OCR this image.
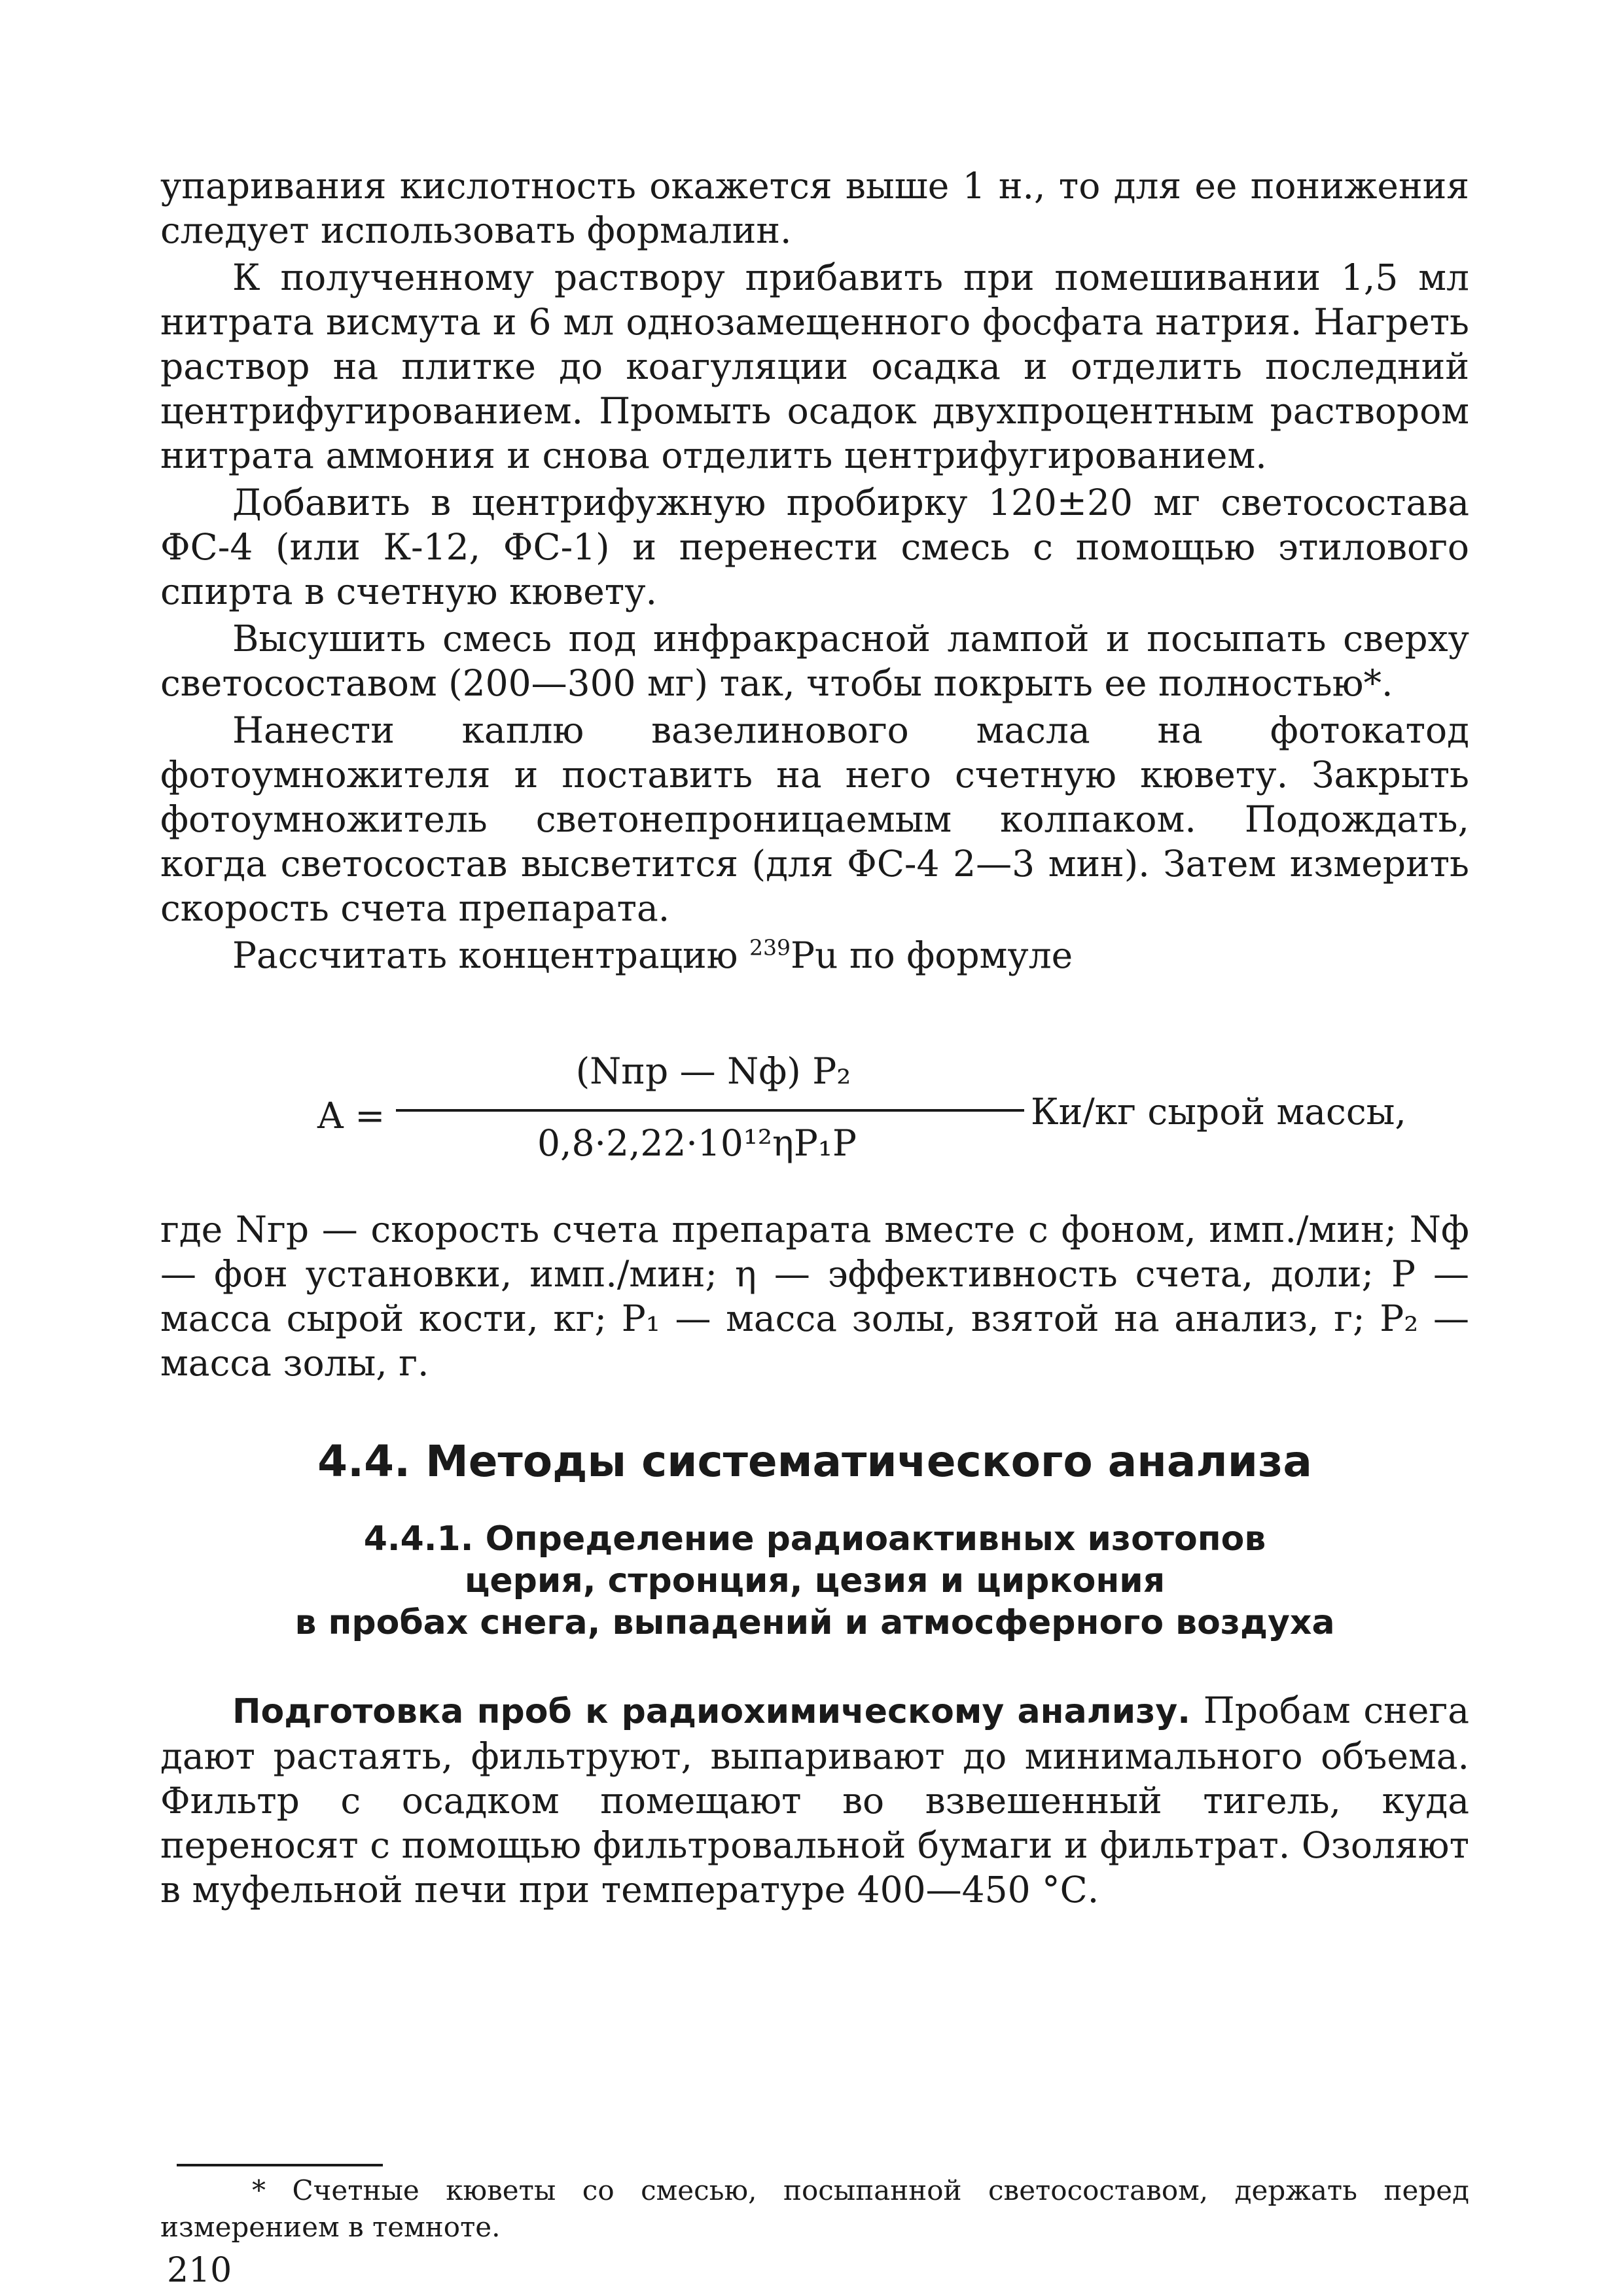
упаривания кислотность окажется выше 1 н., то для ее понижения следует использовать формалин.

К полученному раствору прибавить при помешивании 1,5 мл нитрата висмута и 6 мл однозамещенного фосфата натрия. Нагреть раствор на плитке до коагуляции осадка и отделить последний центрифугированием. Промыть осадок двухпроцентным раствором нитрата аммония и снова отделить центрифугированием.

Добавить в центрифужную пробирку 120±20 мг светосостава ФС-4 (или К-12, ФС-1) и перенести смесь с помощью этилового спирта в счетную кювету.

Высушить смесь под инфракрасной лампой и посыпать сверху светосоставом (200—300 мг) так, чтобы покрыть ее полностью*.

Нанести каплю вазелинового масла на фотокатод фотоумножителя и поставить на него счетную кювету. Закрыть фотоумножитель светонепроницаемым колпаком. Подождать, когда светосостав высветится (для ФС-4 2—3 мин). Затем измерить скорость счета препарата.

Рассчитать концентрацию $^{239}$Pu по формуле

A =
(Nпр — Nф) P₂
0,8·2,22·10¹²ηP₁P
Ки/кг сырой массы,

где Nгр — скорость счета препарата вместе с фоном, имп./мин; Nф — фон установки, имп./мин; η — эффективность счета, доли; P — масса сырой кости, кг; P₁ — масса золы, взятой на анализ, г; P₂ — масса золы, г.

4.4. Методы систематического анализа
4.4.1. Определение радиоактивных изотопов
церия, стронция, цезия и циркония
в пробах снега, выпадений и атмосферного воздуха

Подготовка проб к радиохимическому анализу. Пробам снега дают растаять, фильтруют, выпаривают до минимального объема. Фильтр с осадком помещают во взвешенный тигель, куда переносят с помощью фильтровальной бумаги и фильтрат. Озоляют в муфельной печи при температуре 400—450 °С.

* Счетные кюветы со смесью, посыпанной светосоставом, держать перед измерением в темноте.
210
